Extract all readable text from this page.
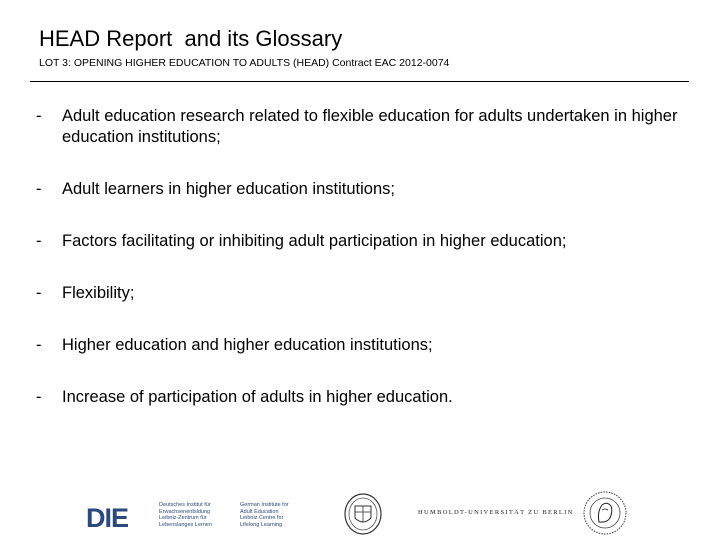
HEAD Report  and its Glossary
LOT 3: OPENING HIGHER EDUCATION TO ADULTS (HEAD) Contract EAC 2012-0074
-	Adult education research related to flexible education for adults undertaken in higher education institutions;
-	Adult learners in higher education institutions;
-	Factors facilitating or inhibiting adult participation in higher education;
-	Flexibility;
-	Higher education and higher education institutions;
-	Increase of participation of adults in higher education.
DIE	Deutsches Institut für
Erwachsenenbildung
Leibniz-Zentrum für
Lebenslanges Lernen
German Institute for
Adult Education
Leibniz Centre for
Lifelong Learning
HUMBOLDT-UNIVERSITÄT ZU BERLIN
